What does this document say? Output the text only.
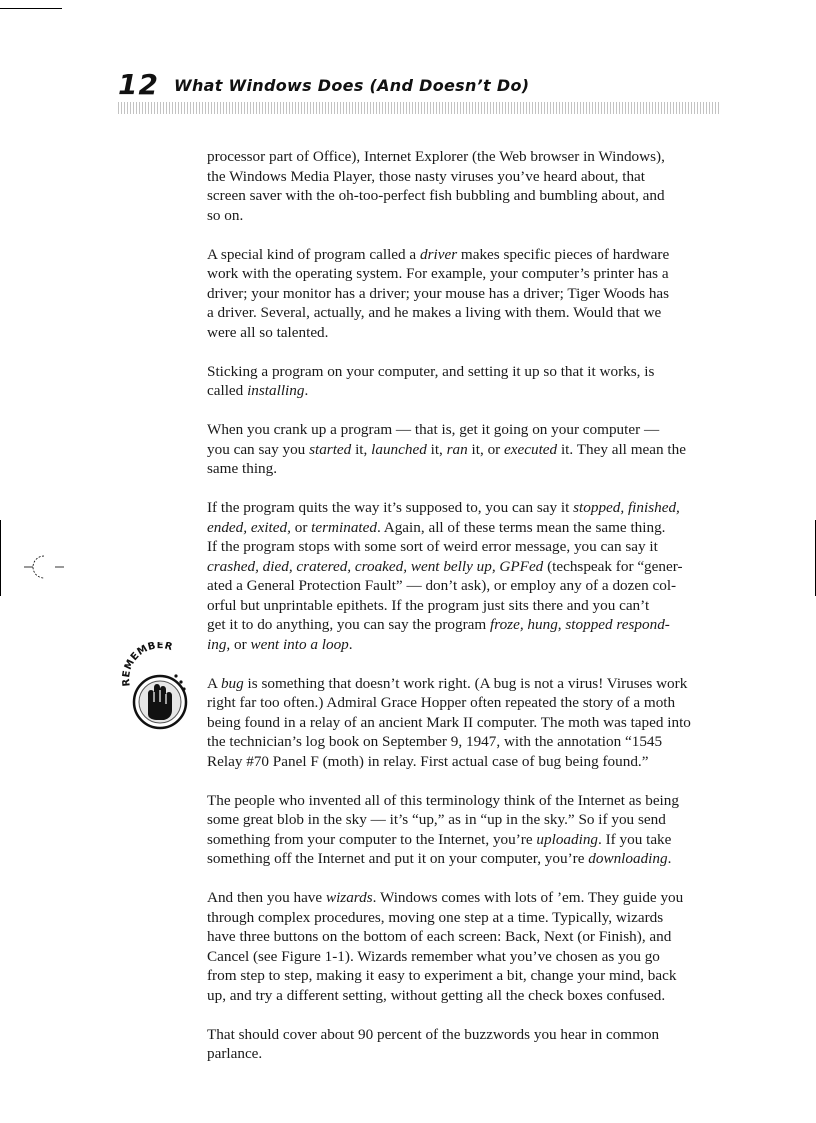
12 What Windows Does (And Doesn’t Do)
REMEMBER

processor part of Office), Internet Explorer (the Web browser in Windows),
the Windows Media Player, those nasty viruses you’ve heard about, that
screen saver with the oh-too-perfect fish bubbling and bumbling about, and
so on.

A special kind of program called a driver makes specific pieces of hardware
work with the operating system. For example, your computer’s printer has a
driver; your monitor has a driver; your mouse has a driver; Tiger Woods has
a driver. Several, actually, and he makes a living with them. Would that we
were all so talented.

Sticking a program on your computer, and setting it up so that it works, is
called installing.

When you crank up a program — that is, get it going on your computer —
you can say you started it, launched it, ran it, or executed it. They all mean the
same thing.

If the program quits the way it’s supposed to, you can say it stopped, finished,
ended, exited, or terminated. Again, all of these terms mean the same thing.
If the program stops with some sort of weird error message, you can say it
crashed, died, cratered, croaked, went belly up, GPFed (techspeak for “gener-
ated a General Protection Fault” — don’t ask), or employ any of a dozen col-
orful but unprintable epithets. If the program just sits there and you can’t
get it to do anything, you can say the program froze, hung, stopped respond-
ing, or went into a loop.

A bug is something that doesn’t work right. (A bug is not a virus! Viruses work
right far too often.) Admiral Grace Hopper often repeated the story of a moth
being found in a relay of an ancient Mark II computer. The moth was taped into
the technician’s log book on September 9, 1947, with the annotation “1545
Relay #70 Panel F (moth) in relay. First actual case of bug being found.”

The people who invented all of this terminology think of the Internet as being
some great blob in the sky — it’s “up,” as in “up in the sky.” So if you send
something from your computer to the Internet, you’re uploading. If you take
something off the Internet and put it on your computer, you’re downloading.

And then you have wizards. Windows comes with lots of ’em. They guide you
through complex procedures, moving one step at a time. Typically, wizards
have three buttons on the bottom of each screen: Back, Next (or Finish), and
Cancel (see Figure 1-1). Wizards remember what you’ve chosen as you go
from step to step, making it easy to experiment a bit, change your mind, back
up, and try a different setting, without getting all the check boxes confused.

That should cover about 90 percent of the buzzwords you hear in common
parlance.
